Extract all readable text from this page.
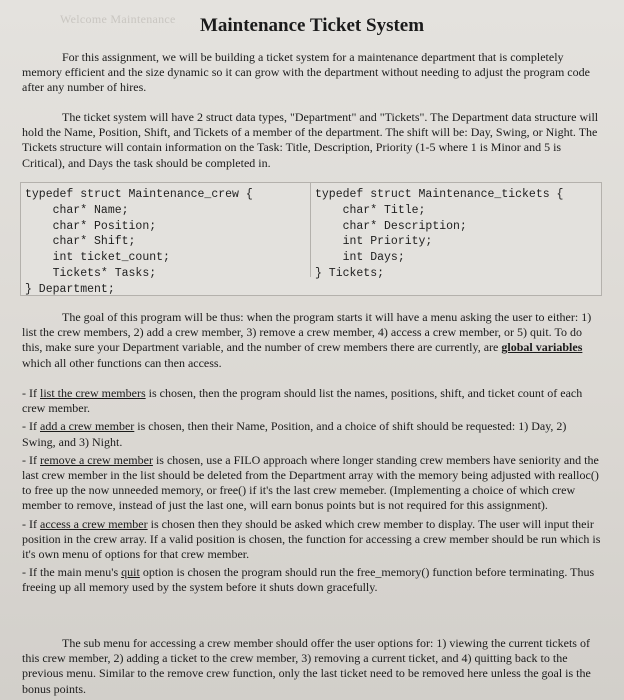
Welcome Maintenance	Maintenance Ticket System

For this assignment, we will be building a ticket system for a maintenance department that is completely memory efficient and the size dynamic so it can grow with the department without needing to adjust the program code after any number of hires.

The ticket system will have 2 struct data types, "Department" and "Tickets". The Department data structure will hold the Name, Position, Shift, and Tickets of a member of the department. The shift will be: Day, Swing, or Night. The Tickets structure will contain information on the Task: Title, Description, Priority (1-5 where 1 is Minor and 5 is Critical), and Days the task should be completed in.

typedef struct Maintenance_crew {
char* Name;
char* Position;
char* Shift;
int ticket_count;
Tickets* Tasks;
} Department;
typedef struct Maintenance_tickets {
char* Title;
char* Description;
int Priority;
int Days;
} Tickets;

The goal of this program will be thus: when the program starts it will have a menu asking the user to either: 1) list the crew members, 2) add a crew member, 3) remove a crew member, 4) access a crew member, or 5) quit. To do this, make sure your Department variable, and the number of crew members there are currently, are global variables which all other functions can then access.

- If list the crew members is chosen, then the program should list the names, positions, shift, and ticket count of each crew member.

- If add a crew member is chosen, then their Name, Position, and a choice of shift should be requested: 1) Day, 2) Swing, and 3) Night.

- If remove a crew member is chosen, use a FILO approach where longer standing crew members have seniority and the last crew member in the list should be deleted from the Department array with the memory being adjusted with realloc() to free up the now unneeded memory, or free() if it's the last crew memeber. (Implementing a choice of which crew member to remove, instead of just the last one, will earn bonus points but is not required for this assignment).

- If access a crew member is chosen then they should be asked which crew member to display. The user will input their position in the crew array. If a valid position is chosen, the function for accessing a crew member should be run which is it's own menu of options for that crew member.

- If the main menu's quit option is chosen the program should run the free_memory() function before terminating. Thus freeing up all memory used by the system before it shuts down gracefully.

The sub menu for accessing a crew member should offer the user options for: 1) viewing the current tickets of this crew member, 2) adding a ticket to the crew member, 3) removing a current ticket, and 4) quitting back to the previous menu. Similar to the remove crew function, only the last ticket need to be removed here unless the goal is the bonus points.
